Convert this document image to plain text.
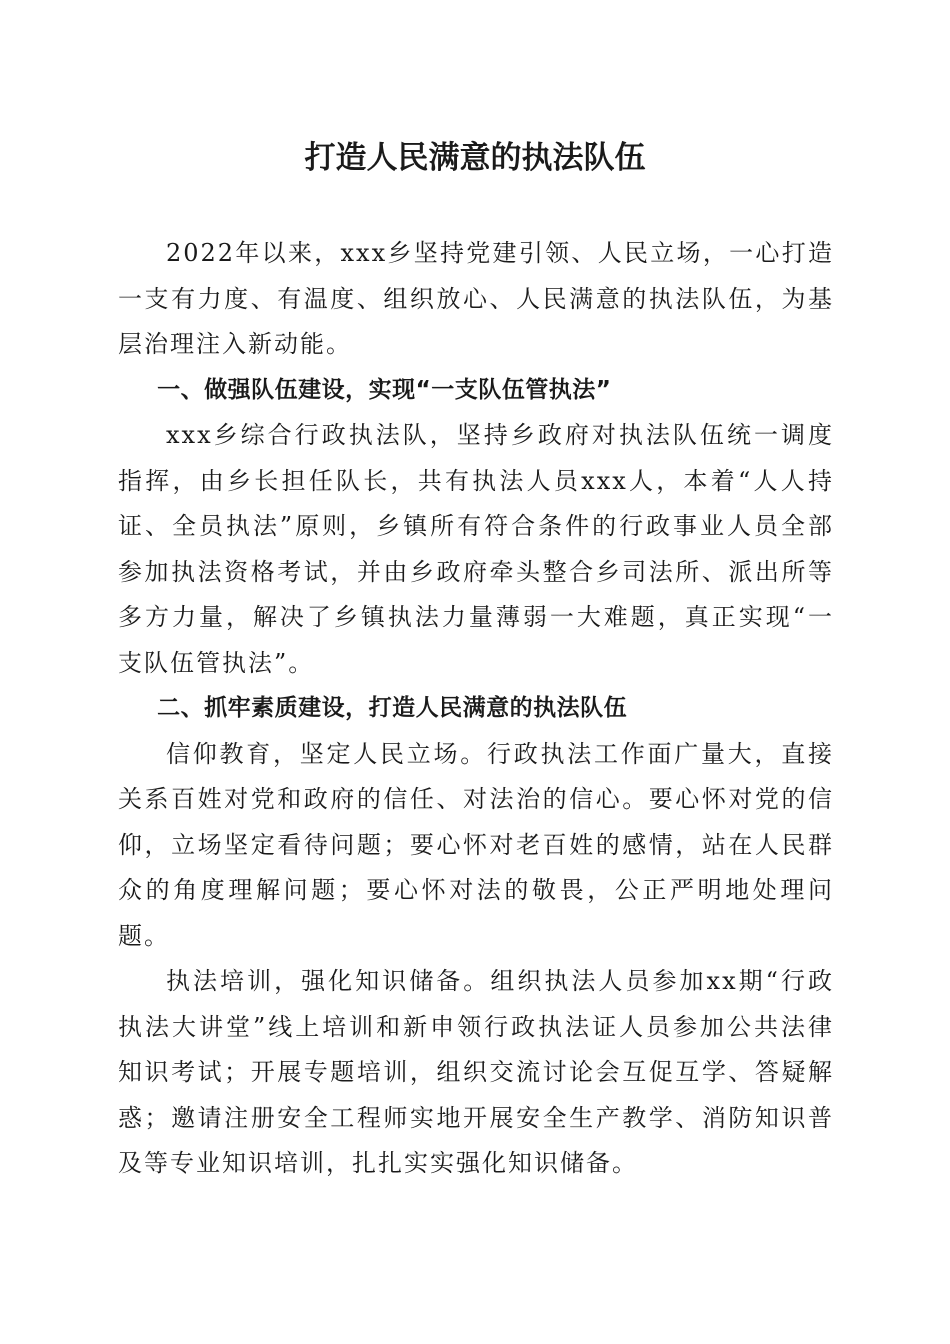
打造人民满意的执法队伍

2022年以来，xxx乡坚持党建引领、人民立场，一心打造一支有力度、有温度、组织放心、人民满意的执法队伍，为基层治理注入新动能。

一、做强队伍建设，实现“一支队伍管执法”

xxx乡综合行政执法队，坚持乡政府对执法队伍统一调度指挥，由乡长担任队长，共有执法人员xxx人，本着“人人持证、全员执法”原则，乡镇所有符合条件的行政事业人员全部参加执法资格考试，并由乡政府牵头整合乡司法所、派出所等多方力量，解决了乡镇执法力量薄弱一大难题，真正实现“一支队伍管执法”。

二、抓牢素质建设，打造人民满意的执法队伍

信仰教育，坚定人民立场。行政执法工作面广量大，直接关系百姓对党和政府的信任、对法治的信心。要心怀对党的信仰，立场坚定看待问题；要心怀对老百姓的感情，站在人民群众的角度理解问题；要心怀对法的敬畏，公正严明地处理问题。

执法培训，强化知识储备。组织执法人员参加xx期“行政执法大讲堂”线上培训和新申领行政执法证人员参加公共法律知识考试；开展专题培训，组织交流讨论会互促互学、答疑解惑；邀请注册安全工程师实地开展安全生产教学、消防知识普及等专业知识培训，扎扎实实强化知识储备。
